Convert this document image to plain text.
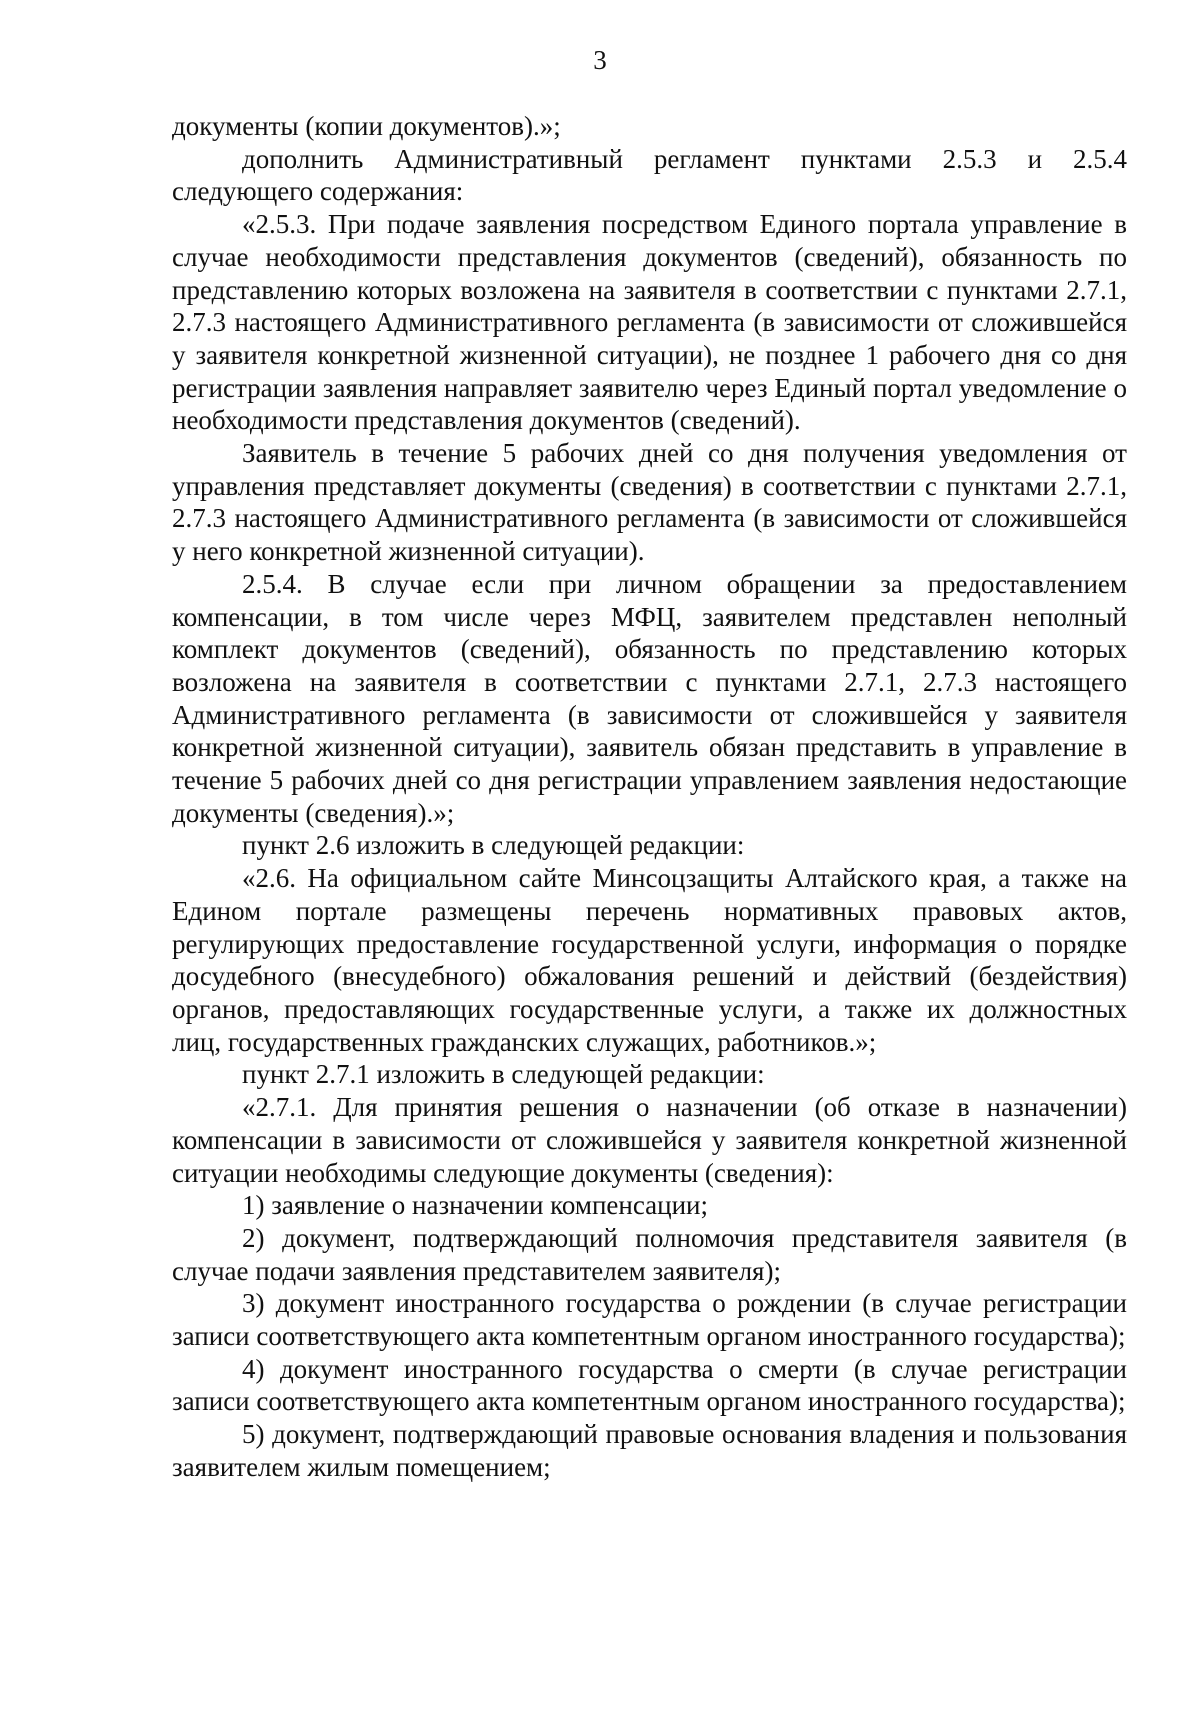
3

документы (копии документов).»;

дополнить Административный регламент пунктами 2.5.3 и 2.5.4 следующего содержания:

«2.5.3. При подаче заявления посредством Единого портала управление в случае необходимости представления документов (сведений), обязанность по представлению которых возложена на заявителя в соответствии с пунктами 2.7.1, 2.7.3 настоящего Административного регламента (в зависимости от сложившейся у заявителя конкретной жизненной ситуации), не позднее 1 рабочего дня со дня регистрации заявления направляет заявителю через Единый портал уведомление о необходимости представления документов (сведений).

Заявитель в течение 5 рабочих дней со дня получения уведомления от управления представляет документы (сведения) в соответствии с пунктами 2.7.1, 2.7.3 настоящего Административного регламента (в зависимости от сложившейся у него конкретной жизненной ситуации).

2.5.4. В случае если при личном обращении за предоставлением компенсации, в том числе через МФЦ, заявителем представлен неполный комплект документов (сведений), обязанность по представлению которых возложена на заявителя в соответствии с пунктами 2.7.1, 2.7.3 настоящего Административного регламента (в зависимости от сложившейся у заявителя конкретной жизненной ситуации), заявитель обязан представить в управление в течение 5 рабочих дней со дня регистрации управлением заявления недостающие документы (сведения).»;

пункт 2.6 изложить в следующей редакции:

«2.6. На официальном сайте Минсоцзащиты Алтайского края, а также на Едином портале размещены перечень нормативных правовых актов, регулирующих предоставление государственной услуги, информация о порядке досудебного (внесудебного) обжалования решений и действий (бездействия) органов, предоставляющих государственные услуги, а также их должностных лиц, государственных гражданских служащих, работников.»;

пункт 2.7.1 изложить в следующей редакции:

«2.7.1. Для принятия решения о назначении (об отказе в назначении) компенсации в зависимости от сложившейся у заявителя конкретной жизненной ситуации необходимы следующие документы (сведения):

1) заявление о назначении компенсации;

2) документ, подтверждающий полномочия представителя заявителя (в случае подачи заявления представителем заявителя);

3) документ иностранного государства о рождении (в случае регистрации записи соответствующего акта компетентным органом иностранного государства);

4) документ иностранного государства о смерти (в случае регистрации записи соответствующего акта компетентным органом иностранного государства);

5) документ, подтверждающий правовые основания владения и пользования заявителем жилым помещением;
